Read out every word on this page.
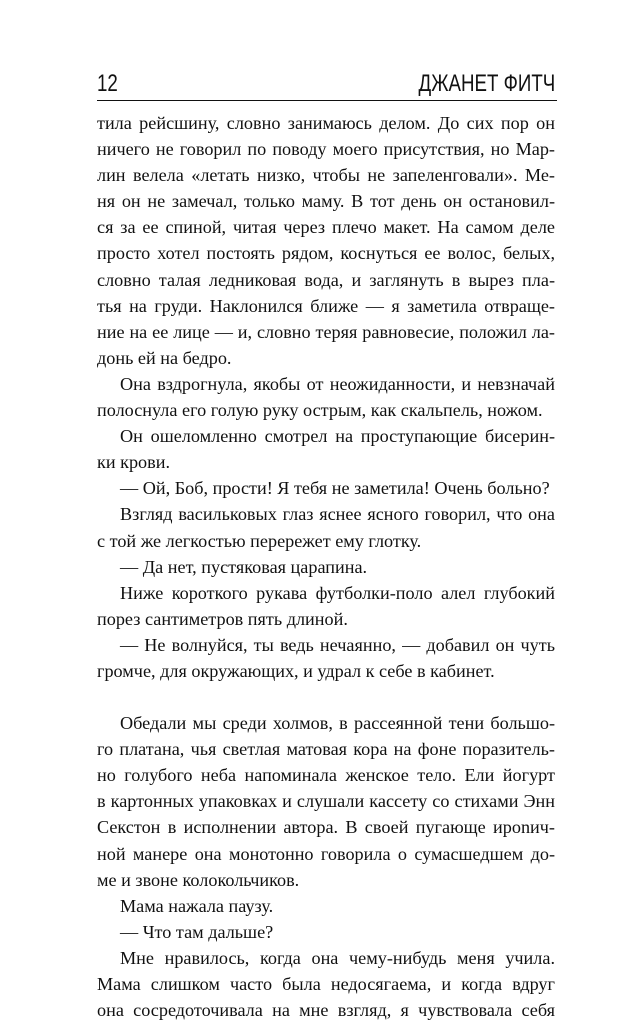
12	ДЖАНЕТ ФИТЧ
тила рейсшину, словно занимаюсь делом. До сих пор он
ничего не говорил по поводу моего присутствия, но Мар-
лин велела «летать низко, чтобы не запеленговали». Ме-
ня он не замечал, только маму. В тот день он остановил-
ся за ее спиной, читая через плечо макет. На самом деле
просто хотел постоять рядом, коснуться ее волос, белых,
словно талая ледниковая вода, и заглянуть в вырез пла-
тья на груди. Наклонился ближе — я заметила отвраще-
ние на ее лице — и, словно теряя равновесие, положил ла-
донь ей на бедро.
Она вздрогнула, якобы от неожиданности, и невзначай
полоснула его голую руку острым, как скальпель, ножом.
Он ошеломленно смотрел на проступающие бисерин-
ки крови.
— Ой, Боб, прости! Я тебя не заметила! Очень больно?
Взгляд васильковых глаз яснее ясного говорил, что она
с той же легкостью перережет ему глотку.
— Да нет, пустяковая царапина.
Ниже короткого рукава футболки-поло алел глубокий
порез сантиметров пять длиной.
— Не волнуйся, ты ведь нечаянно, — добавил он чуть
громче, для окружающих, и удрал к себе в кабинет.
Обедали мы среди холмов, в рассеянной тени большо-
го платана, чья светлая матовая кора на фоне поразитель-
но голубого неба напоминала женское тело. Ели йогурт
в картонных упаковках и слушали кассету со стихами Энн
Секстон в исполнении автора. В своей пугающе ирonич-
ной манере она монотонно говорила о сумасшедшем до-
ме и звоне колокольчиков.
Мама нажала паузу.
— Что там дальше?
Мне нравилось, когда она чему-нибудь меня учила.
Мама слишком часто была недосягаема, и когда вдруг
она сосредоточивала на мне взгляд, я чувствовала себя
